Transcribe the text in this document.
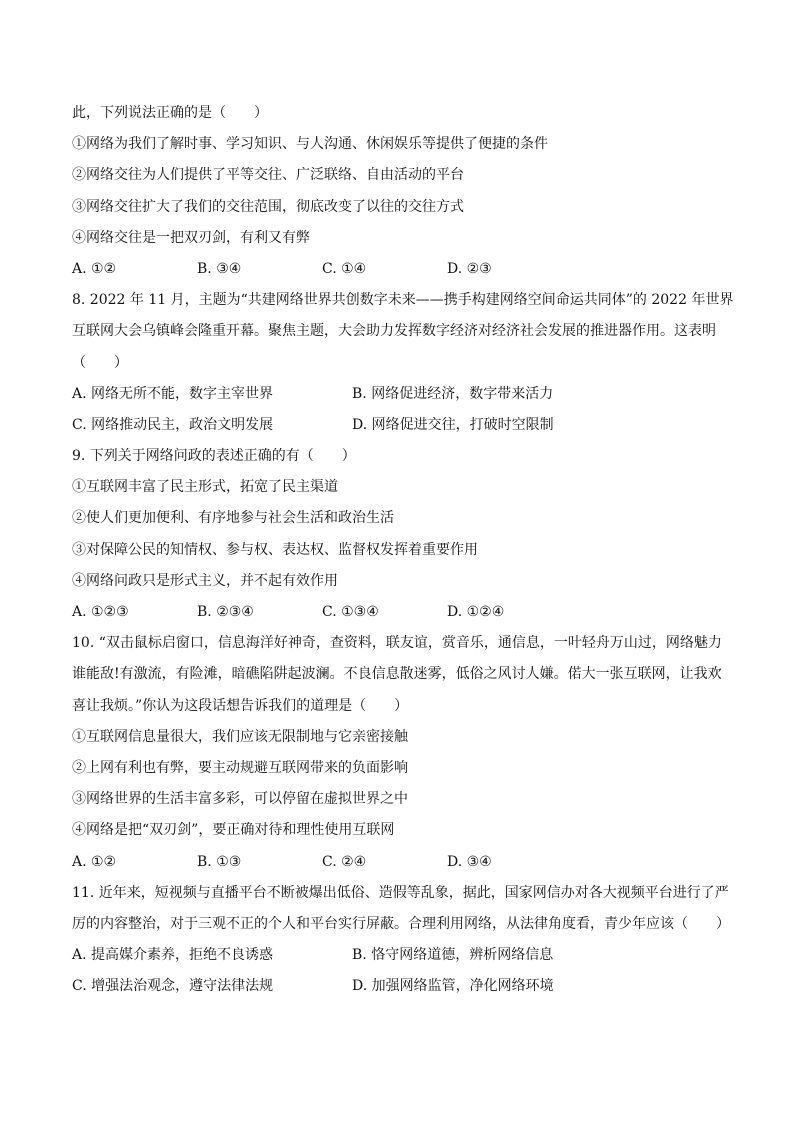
此，下列说法正确的是（　　）
①网络为我们了解时事、学习知识、与人沟通、休闲娱乐等提供了便捷的条件
②网络交往为人们提供了平等交往、广泛联络、自由活动的平台
③网络交往扩大了我们的交往范围，彻底改变了以往的交往方式
④网络交往是一把双刃剑，有利又有弊
A. ①②	B. ③④	C. ①④	D. ②③
8. 2022 年 11 月，主题为“共建网络世界共创数字未来——携手构建网络空间命运共同体”的 2022 年世界
互联网大会乌镇峰会隆重开幕。聚焦主题，大会助力发挥数字经济对经济社会发展的推进器作用。这表明
（　　）
A. 网络无所不能，数字主宰世界	B. 网络促进经济，数字带来活力
C. 网络推动民主，政治文明发展	D. 网络促进交往，打破时空限制
9. 下列关于网络问政的表述正确的有（　　）
①互联网丰富了民主形式，拓宽了民主渠道
②使人们更加便利、有序地参与社会生活和政治生活
③对保障公民的知情权、参与权、表达权、监督权发挥着重要作用
④网络问政只是形式主义，并不起有效作用
A. ①②③	B. ②③④	C. ①③④	D. ①②④
10. “双击鼠标启窗口，信息海洋好神奇，查资料，联友谊，赏音乐，通信息，一叶轻舟万山过，网络魅力
谁能敌!有激流，有险滩，暗礁陷阱起波澜。不良信息散迷雾，低俗之风讨人嫌。偌大一张互联网，让我欢
喜让我烦。”你认为这段话想告诉我们的道理是（　　）
①互联网信息量很大，我们应该无限制地与它亲密接触
②上网有利也有弊，要主动规避互联网带来的负面影响
③网络世界的生活丰富多彩，可以停留在虚拟世界之中
④网络是把“双刃剑”，要正确对待和理性使用互联网
A. ①②	B. ①③	C. ②④	D. ③④
11. 近年来，短视频与直播平台不断被爆出低俗、造假等乱象，据此，国家网信办对各大视频平台进行了严
厉的内容整治，对于三观不正的个人和平台实行屏蔽。合理利用网络，从法律角度看，青少年应该（　　）
A. 提高媒介素养，拒绝不良诱惑	B. 恪守网络道德，辨析网络信息
C. 增强法治观念，遵守法律法规	D. 加强网络监管，净化网络环境
